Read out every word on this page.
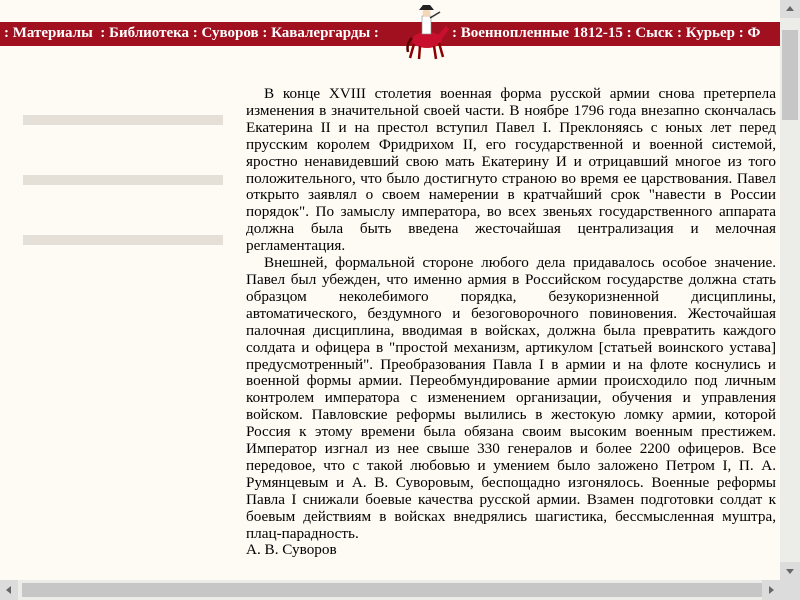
: Материалы : Библиотека : Суворов : Кавалергарды :	: Военнопленные 1812-15 : Сыск : Курьер : Ф

В конце XVIII столетия военная форма русской армии снова претерпела изменения в значительной своей части. В ноябре 1796 года внезапно скончалась Екатерина II и на престол вступил Павел I. Преклоняясь с юных лет перед прусским королем Фридрихом II, его государственной и военной системой, яростно ненавидевший свою мать Екатерину И и отрицавший многое из того положительного, что было достигнуто страною во время ее царствования. Павел открыто заявлял о своем намерении в кратчайший срок "навести в России порядок". По замыслу императора, во всех звеньях государственного аппарата должна была быть введена жесточайшая централизация и мелочная регламентация.

Внешней, формальной стороне любого дела придавалось особое значение. Павел был убежден, что именно армия в Российском государстве должна стать образцом неколебимого порядка, безукоризненной дисциплины, автоматического, бездумного и безоговорочного повиновения. Жесточайшая палочная дисциплина, вводимая в войсках, должна была превратить каждого солдата и офицера в "простой механизм, артикулом [статьей воинского устава] предусмотренный". Преобразования Павла I в армии и на флоте коснулись и военной формы армии. Переобмундирование армии происходило под личным контролем императора с изменением организации, обучения и управления войском. Павловские реформы вылились в жестокую ломку армии, которой Россия к этому времени была обязана своим высоким военным престижем. Император изгнал из нее свыше 330 генералов и более 2200 офицеров. Все передовое, что с такой любовью и умением было заложено Петром I, П. А. Румянцевым и А. В. Суворовым, беспощадно изгонялось. Военные реформы Павла I снижали боевые качества русской армии. Взамен подготовки солдат к боевым действиям в войсках внедрялись шагистика, бессмысленная муштра, плац-парадность.

А. В. Суворов
